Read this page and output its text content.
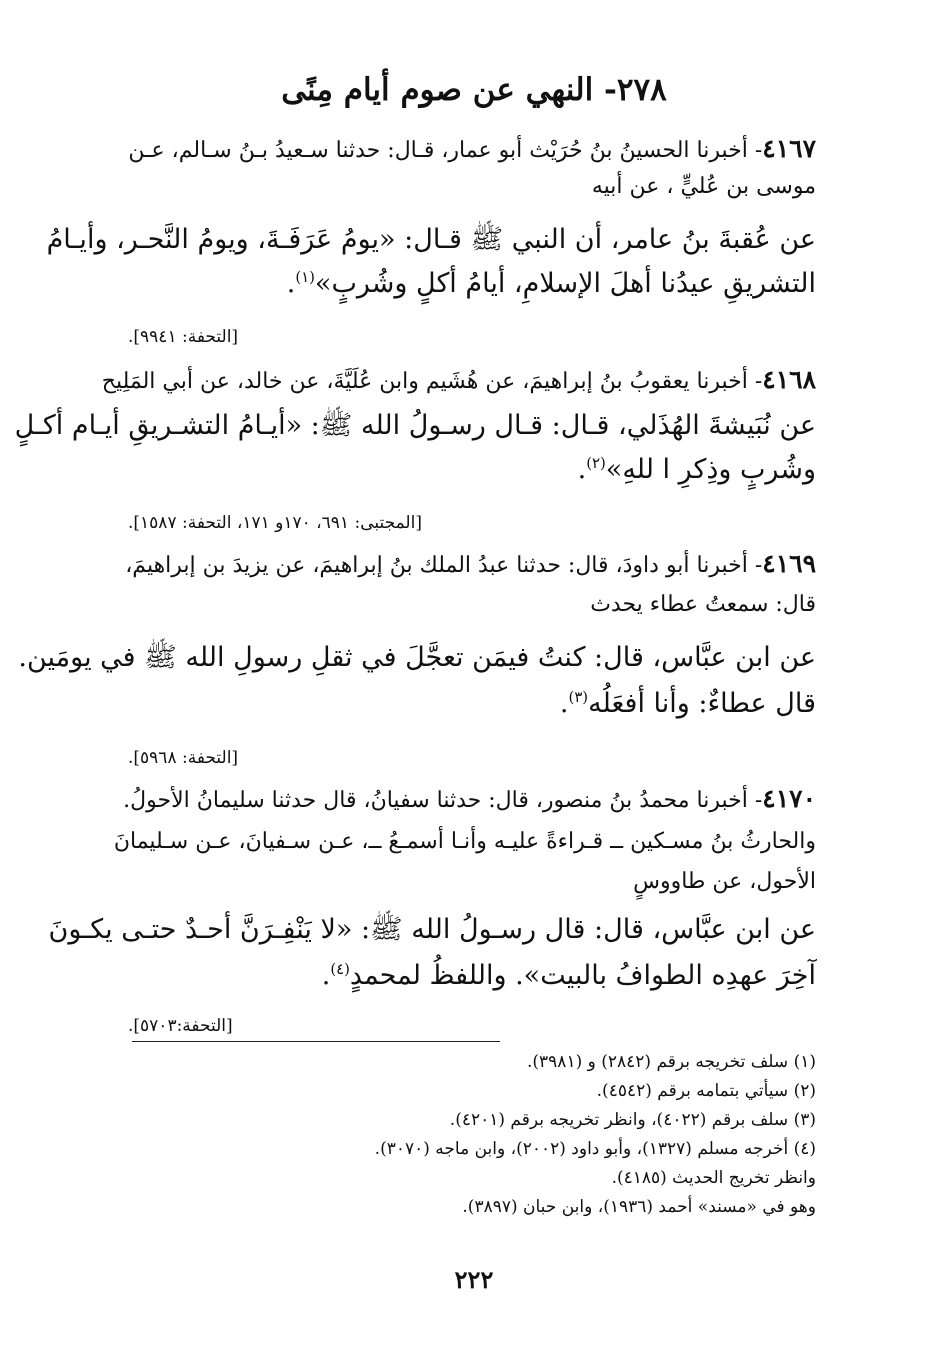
٢٧٨- النهي عن صوم أيام مِنًى
٤١٦٧- أخبرنا الحسينُ بنُ حُرَيْث أبو عمار، قـال: حدثنا سـعيدُ بـنُ سـالم، عـن
موسى بن عُليٍّ ، عن أبيه
عن عُقبةَ بنُ عامر، أن النبي ﷺ قـال: «يومُ عَرَفَـةَ، ويومُ النَّحـر، وأيـامُ
التشريقِ عيدُنا أهلَ الإسلامِ، أيامُ أكلٍ وشُربٍ»$^{(١)}$.
[التحفة: ٩٩٤١].
٤١٦٨- أخبرنا يعقوبُ بنُ إبراهيمَ، عن هُشَيم وابن عُلَيَّةَ، عن خالد، عن أبي المَلِيح
عن نُبَيشةَ الهُذَلي، قـال: قـال رسـولُ الله ﷺ: «أيـامُ التشـريقِ أيـام أكـلٍ
وشُربٍ وذِكرِ ا للهِ»$^{(٢)}$.
[المجتبى: ٦٩١، ١٧٠و ١٧١، التحفة: ١٥٨٧].
٤١٦٩- أخبرنا أبو داودَ، قال: حدثنا عبدُ الملك بنُ إبراهيمَ، عن يزيدَ بن إبراهيمَ،
قال: سمعتُ عطاء يحدث
عن ابن عبَّاس، قال: كنتُ فيمَن تعجَّلَ في ثقلِ رسولِ الله ﷺ في يومَين.
قال عطاءٌ: وأنا أفعَلُه$^{(٣)}$.
[التحفة: ٥٩٦٨].
٤١٧٠- أخبرنا محمدُ بنُ منصور، قال: حدثنا سفيانُ، قال حدثنا سليمانُ الأحولُ.
والحارثُ بنُ مسـكين ــ قـراءةً عليـه وأنـا أسمـعُ ــ، عـن سـفيانَ، عـن سـليمانَ
الأحول، عن طاووسٍ
عن ابن عبَّاس، قال: قال رسـولُ الله ﷺ: «لا يَنْفِـرَنَّ أحـدٌ حتـى يكـونَ
آخِرَ عهدِه الطوافُ بالبيت». واللفظُ لمحمدٍ$^{(٤)}$.
[التحفة:٥٧٠٣].
(١) سلف تخريجه برقم (٢٨٤٢) و (٣٩٨١).
(٢) سيأتي بتمامه برقم (٤٥٤٢).
(٣) سلف برقم (٤٠٢٢)، وانظر تخريجه برقم (٤٢٠١).
(٤) أخرجه مسلم (١٣٢٧)، وأبو داود (٢٠٠٢)، وابن ماجه (٣٠٧٠).
وانظر تخريج الحديث (٤١٨٥).
وهو في «مسند» أحمد (١٩٣٦)، وابن حبان (٣٨٩٧).
٢٢٢
